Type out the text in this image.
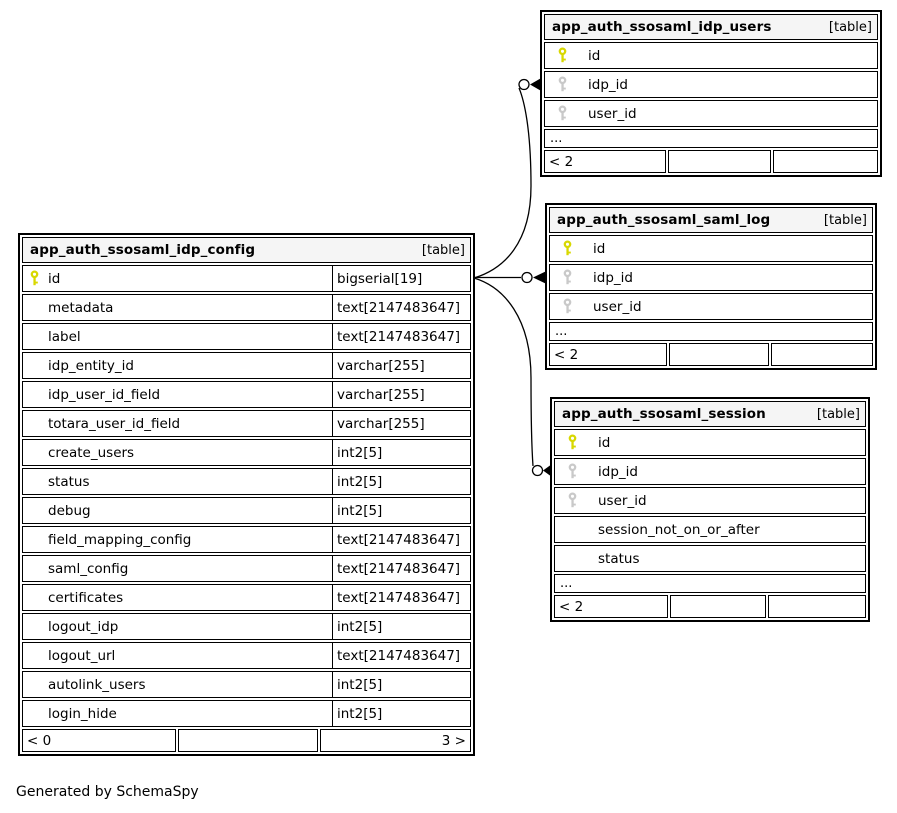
app_auth_ssosaml_idp_config	[table]
id	bigserial[19]
metadata	text[2147483647]
label	text[2147483647]
idp_entity_id	varchar[255]
idp_user_id_field	varchar[255]
totara_user_id_field	varchar[255]
create_users	int2[5]
status	int2[5]
debug	int2[5]
field_mapping_config	text[2147483647]
saml_config	text[2147483647]
certificates	text[2147483647]
logout_idp	int2[5]
logout_url	text[2147483647]
autolink_users	int2[5]
login_hide	int2[5]
< 0	3 >
app_auth_ssosaml_idp_users	[table]
id
idp_id
user_id
...
< 2
app_auth_ssosaml_saml_log	[table]
id
idp_id
user_id
...
< 2
app_auth_ssosaml_session	[table]
id
idp_id
user_id
session_not_on_or_after
status
...
< 2
Generated by SchemaSpy
